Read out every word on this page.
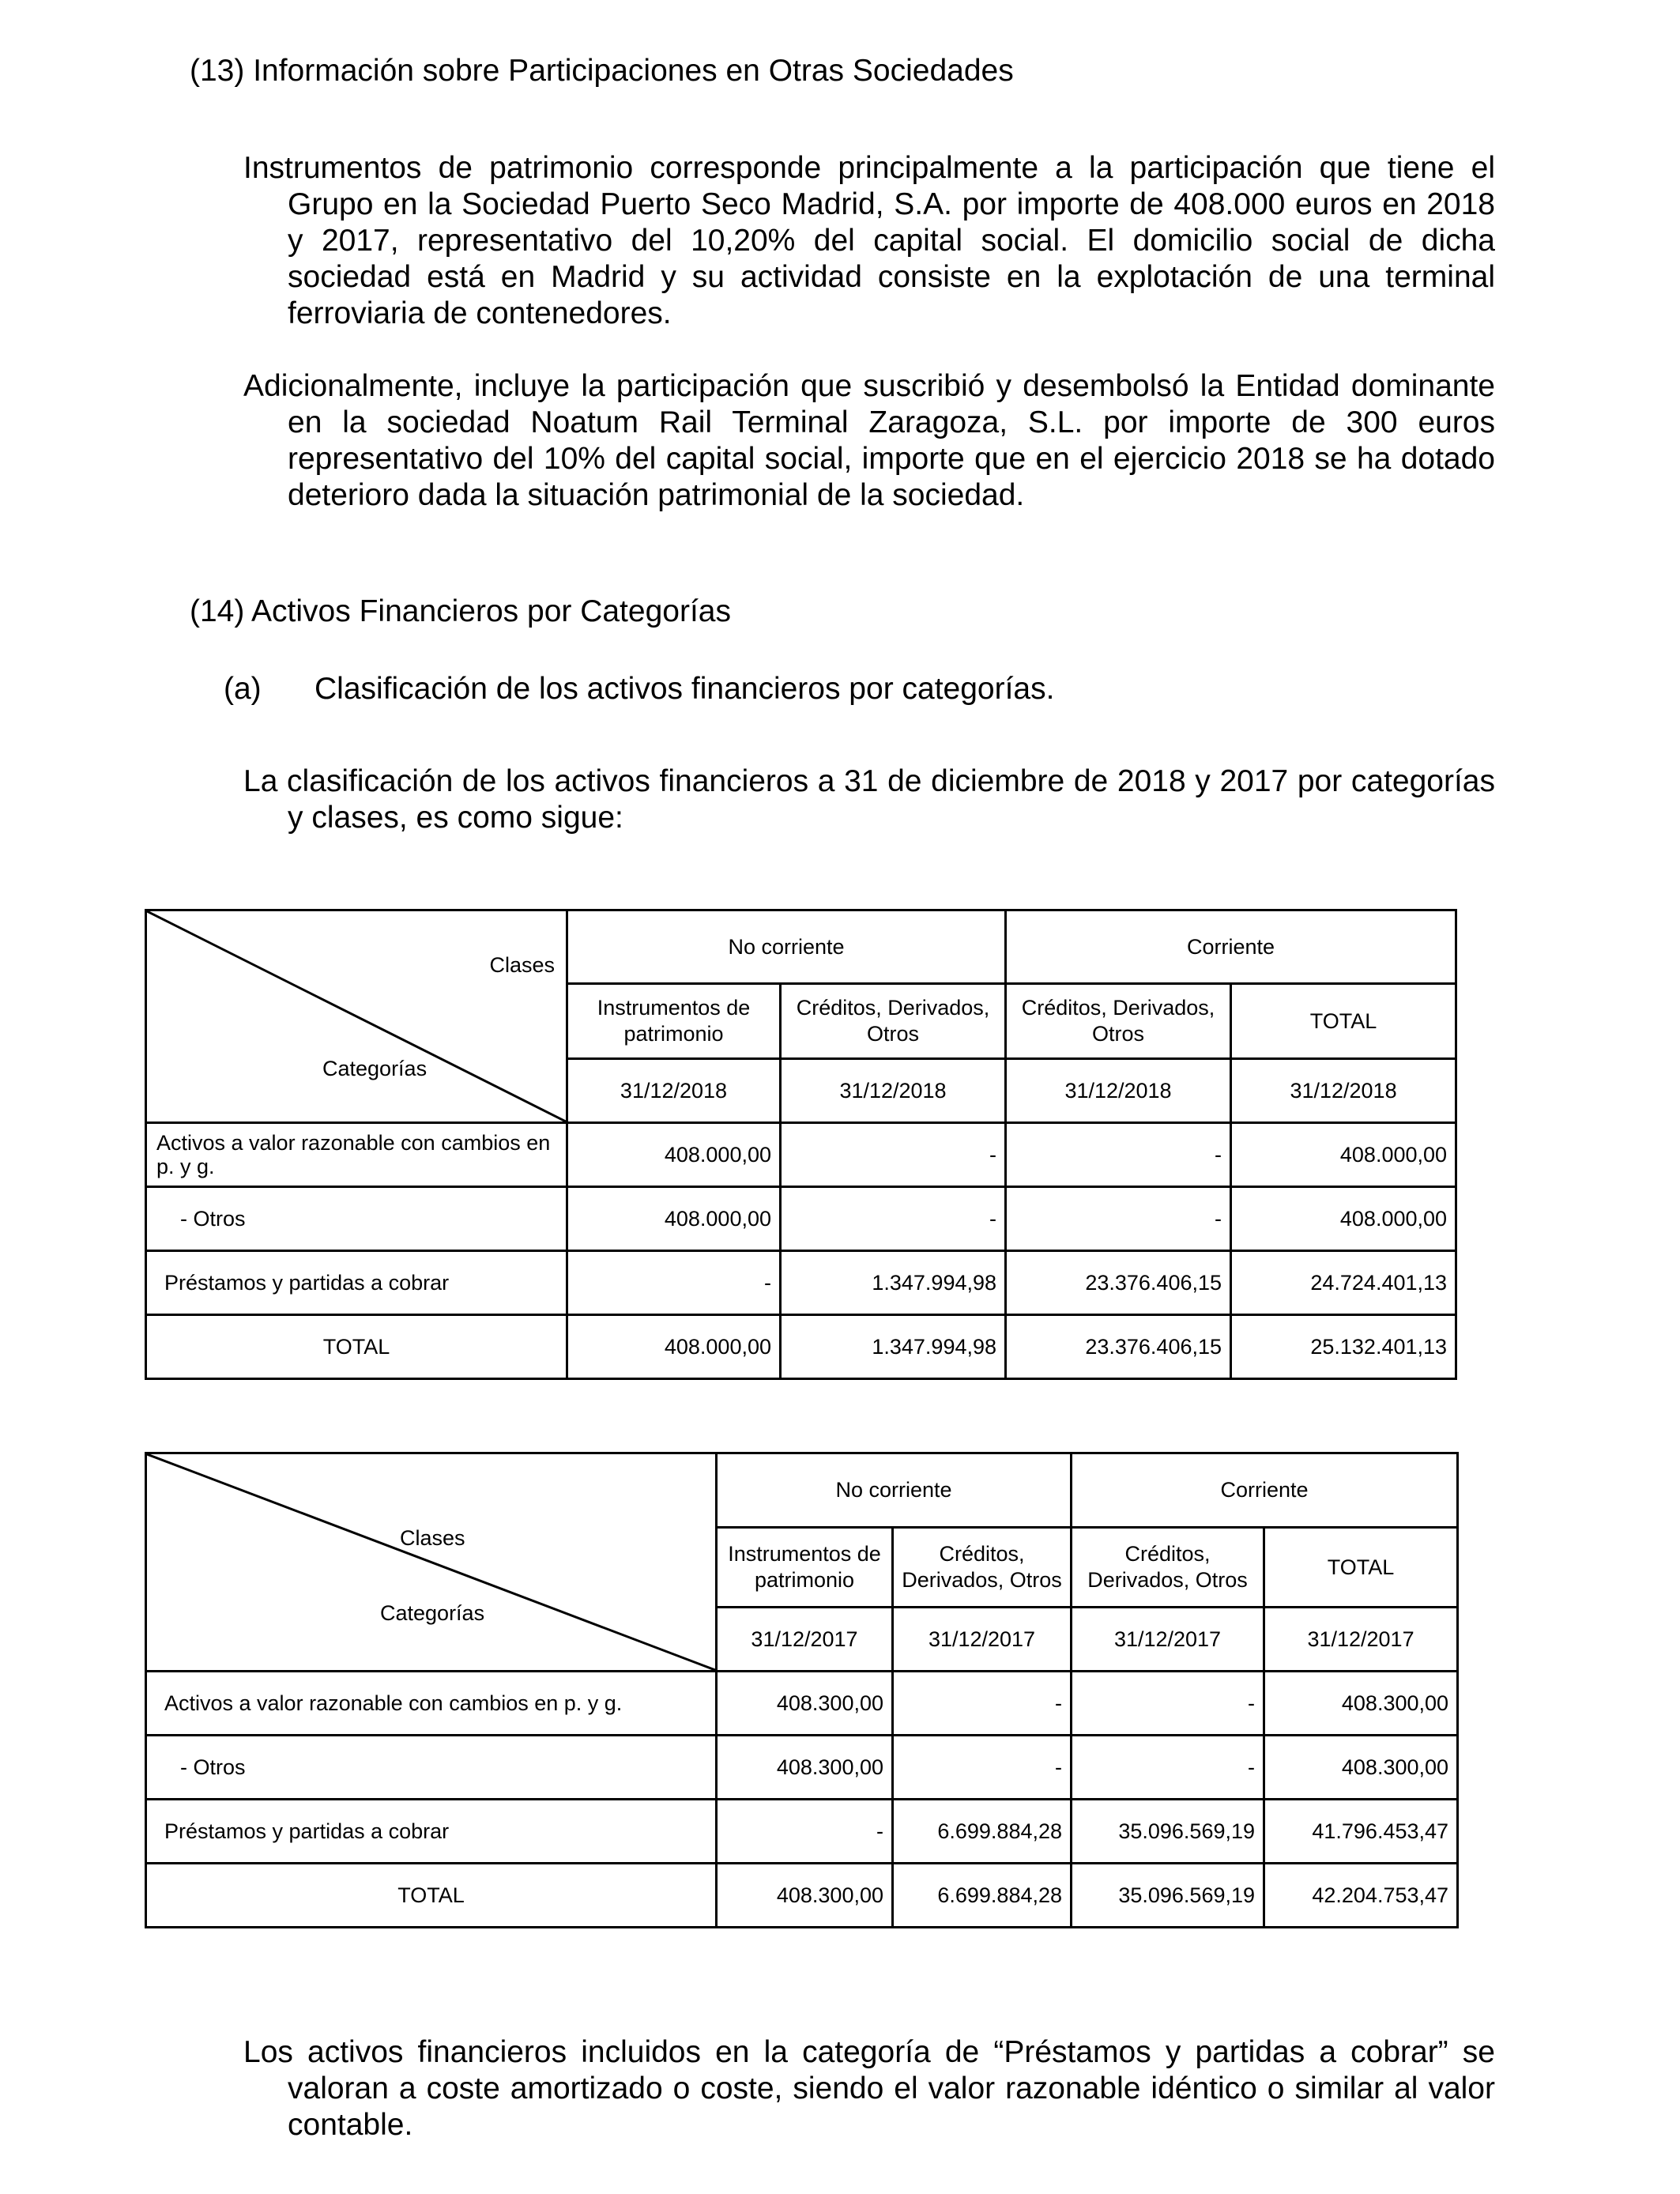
(13) Información sobre Participaciones en Otras Sociedades

Instrumentos de patrimonio corresponde principalmente a la participación que tiene el Grupo en la Sociedad Puerto Seco Madrid, S.A. por importe de 408.000 euros en 2018 y 2017, representativo del 10,20% del capital social. El domicilio social de dicha sociedad está en Madrid y su actividad consiste en la explotación de una terminal ferroviaria de contenedores.

Adicionalmente, incluye la participación que suscribió y desembolsó la Entidad dominante en la sociedad Noatum Rail Terminal Zaragoza, S.L. por importe de 300 euros representativo del 10% del capital social, importe que en el ejercicio 2018 se ha dotado deterioro dada la situación patrimonial de la sociedad.

(14) Activos Financieros por Categorías
(a) Clasificación de los activos financieros por categorías.

La clasificación de los activos financieros a 31 de diciembre de 2018 y 2017 por categorías y clases, es como sigue:

Clases
Categorías	No corriente		Corriente	
	Instrumentos de patrimonio	Créditos, Derivados, Otros	Créditos, Derivados, Otros	TOTAL
	31/12/2018	31/12/2018	31/12/2018	31/12/2018
Activos a valor razonable con cambios en p. y g.	408.000,00	-	-	408.000,00
- Otros	408.000,00	-	-	408.000,00
Préstamos y partidas a cobrar	-	1.347.994,98	23.376.406,15	24.724.401,13
TOTAL	408.000,00	1.347.994,98	23.376.406,15	25.132.401,13
Clases
Categorías	No corriente		Corriente	
	Instrumentos de patrimonio	Créditos, Derivados, Otros	Créditos, Derivados, Otros	TOTAL
	31/12/2017	31/12/2017	31/12/2017	31/12/2017
Activos a valor razonable con cambios en p. y g.	408.300,00	-	-	408.300,00
- Otros	408.300,00	-	-	408.300,00
Préstamos y partidas a cobrar	-	6.699.884,28	35.096.569,19	41.796.453,47
TOTAL	408.300,00	6.699.884,28	35.096.569,19	42.204.753,47

Los activos financieros incluidos en la categoría de “Préstamos y partidas a cobrar” se valoran a coste amortizado o coste, siendo el valor razonable idéntico o similar al valor contable.
